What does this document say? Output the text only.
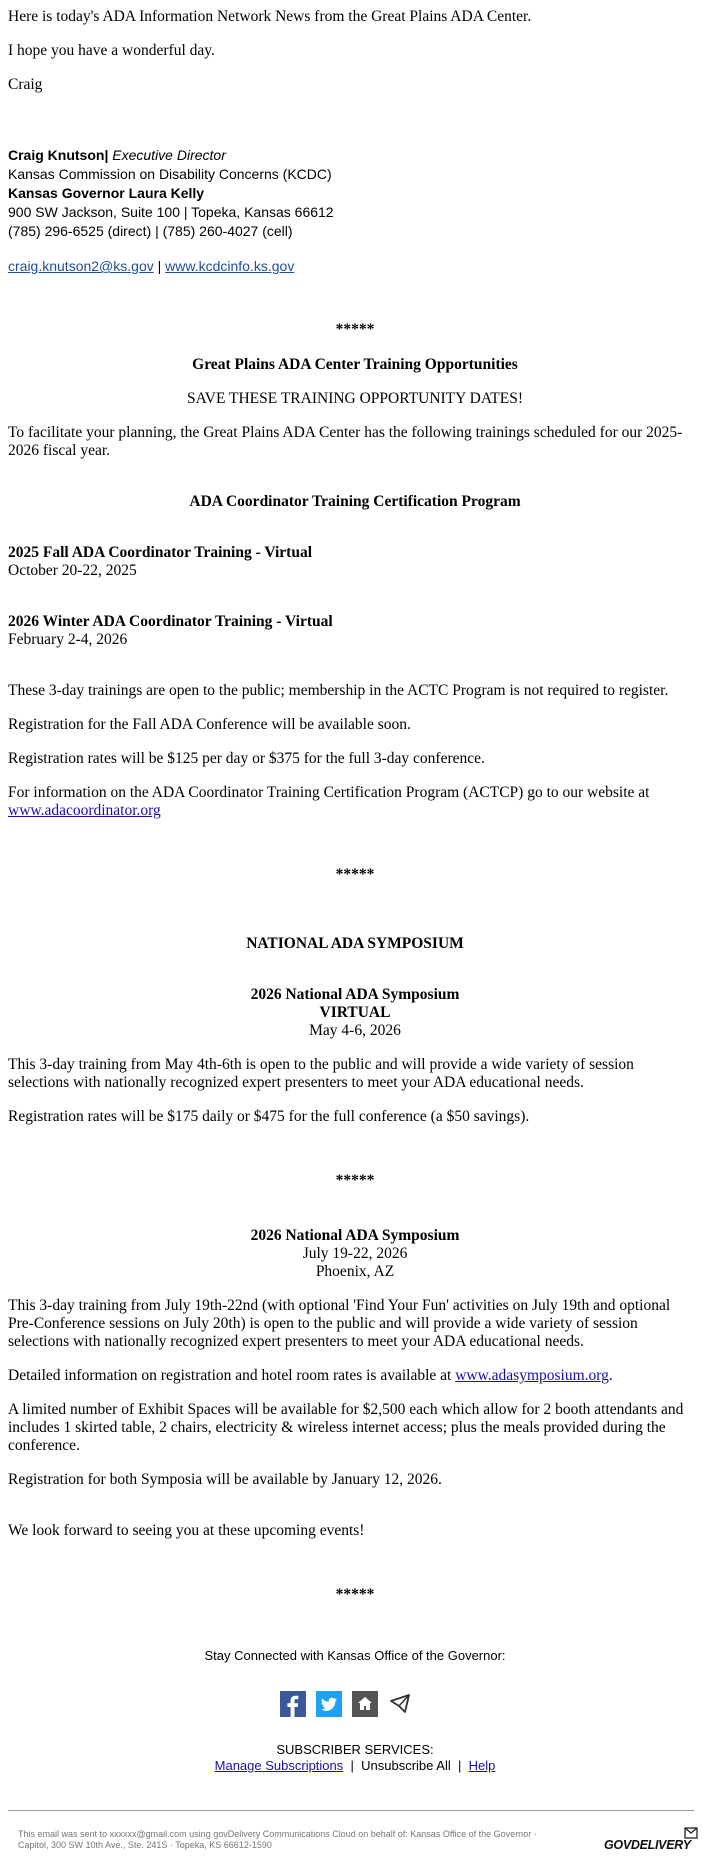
Here is today's ADA Information Network News from the Great Plains ADA Center.

I hope you have a wonderful day.

Craig

Craig Knutson| Executive Director

Kansas Commission on Disability Concerns (KCDC)

Kansas Governor Laura Kelly

900 SW Jackson, Suite 100 | Topeka, Kansas 66612

(785) 296-6525 (direct) | (785) 260-4027 (cell)

craig.knutson2@ks.gov | www.kcdcinfo.ks.gov

*****

Great Plains ADA Center Training Opportunities

SAVE THESE TRAINING OPPORTUNITY DATES!

To facilitate your planning, the Great Plains ADA Center has the following trainings scheduled for our 2025-

2026 fiscal year.

ADA Coordinator Training Certification Program

2025 Fall ADA Coordinator Training - Virtual

October 20-22, 2025

2026 Winter ADA Coordinator Training - Virtual

February 2-4, 2026

These 3-day trainings are open to the public; membership in the ACTC Program is not required to register.

Registration for the Fall ADA Conference will be available soon.

Registration rates will be $125 per day or $375 for the full 3-day conference.

For information on the ADA Coordinator Training Certification Program (ACTCP) go to our website at

www.adacoordinator.org

*****

NATIONAL ADA SYMPOSIUM

2026 National ADA Symposium

VIRTUAL

May 4-6, 2026

This 3-day training from May 4th-6th is open to the public and will provide a wide variety of session

selections with nationally recognized expert presenters to meet your ADA educational needs.

Registration rates will be $175 daily or $475 for the full conference (a $50 savings).

*****

2026 National ADA Symposium

July 19-22, 2026

Phoenix, AZ

This 3-day training from July 19th-22nd (with optional 'Find Your Fun' activities on July 19th and optional

Pre-Conference sessions on July 20th) is open to the public and will provide a wide variety of session

selections with nationally recognized expert presenters to meet your ADA educational needs.

Detailed information on registration and hotel room rates is available at www.adasymposium.org.

A limited number of Exhibit Spaces will be available for $2,500 each which allow for 2 booth attendants and

includes 1 skirted table, 2 chairs, electricity & wireless internet access; plus the meals provided during the

conference.

Registration for both Symposia will be available by January 12, 2026.

We look forward to seeing you at these upcoming events!

*****

Stay Connected with Kansas Office of the Governor:

SUBSCRIBER SERVICES:
Manage Subscriptions | Unsubscribe All | Help
This email was sent to xxxxxx@gmail.com using govDelivery Communications Cloud on behalf of: Kansas Office of the Governor ·
Capitol, 300 SW 10th Ave., Ste. 241S · Topeka, KS 66612-1590	GOVDELIVERY
